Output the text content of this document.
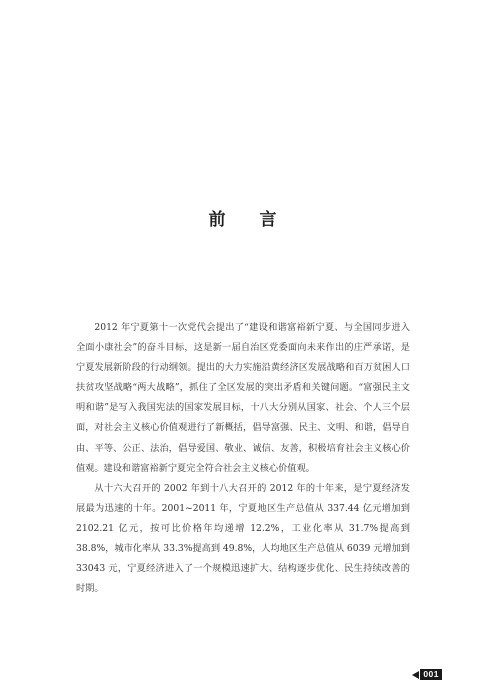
前 言

2012 年宁夏第十一次党代会提出了“建设和谐富裕新宁夏、与全国同步进入全面小康社会”的奋斗目标，这是新一届自治区党委面向未来作出的庄严承诺，是宁夏发展新阶段的行动纲领。提出的大力实施沿黄经济区发展战略和百万贫困人口扶贫攻坚战略“两大战略”，抓住了全区发展的突出矛盾和关键问题。“富强民主文明和谐”是写入我国宪法的国家发展目标，十八大分别从国家、社会、个人三个层面，对社会主义核心价值观进行了新概括，倡导富强、民主、文明、和谐，倡导自由、平等、公正、法治，倡导爱国、敬业、诚信、友善，积极培育社会主义核心价值观。建设和谐富裕新宁夏完全符合社会主义核心价值观。

从十六大召开的 2002 年到十八大召开的 2012 年的十年来，是宁夏经济发展最为迅速的十年。2001~2011 年，宁夏地区生产总值从 337.44 亿元增加到 2102.21 亿元，按可比价格年均递增 12.2%，工业化率从 31.7%提高到 38.8%，城市化率从 33.3%提高到 49.8%，人均地区生产总值从 6039 元增加到 33043 元，宁夏经济进入了一个规模迅速扩大、结构逐步优化、民生持续改善的时期。

001
